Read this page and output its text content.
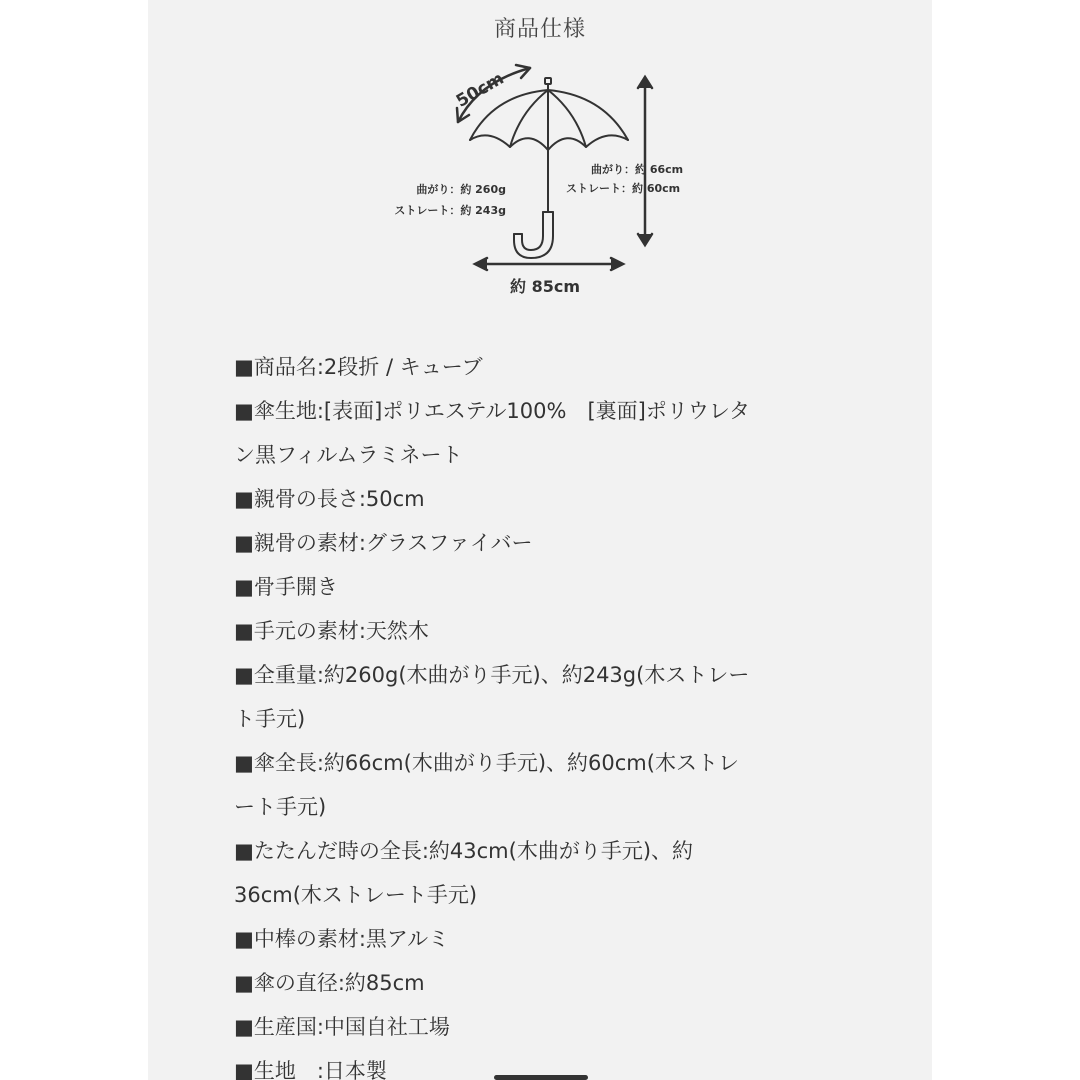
商品仕様
50cm
曲がり：約 260g
ストレート：約 243g
曲がり：約 66cm
ストレート：約 60cm
約 85cm
■商品名:2段折 / キューブ
■傘生地:[表面]ポリエステル100%　[裏面]ポリウレタ
ン黒フィルムラミネート
■親骨の長さ:50cm
■親骨の素材:グラスファイバー
■骨手開き
■手元の素材:天然木
■全重量:約260g(木曲がり手元)、約243g(木ストレー
ト手元)
■傘全長:約66cm(木曲がり手元)、約60cm(木ストレ
ート手元)
■たたんだ時の全長:約43cm(木曲がり手元)、約
36cm(木ストレート手元)
■中棒の素材:黒アルミ
■傘の直径:約85cm
■生産国:中国自社工場
■生地　:日本製
